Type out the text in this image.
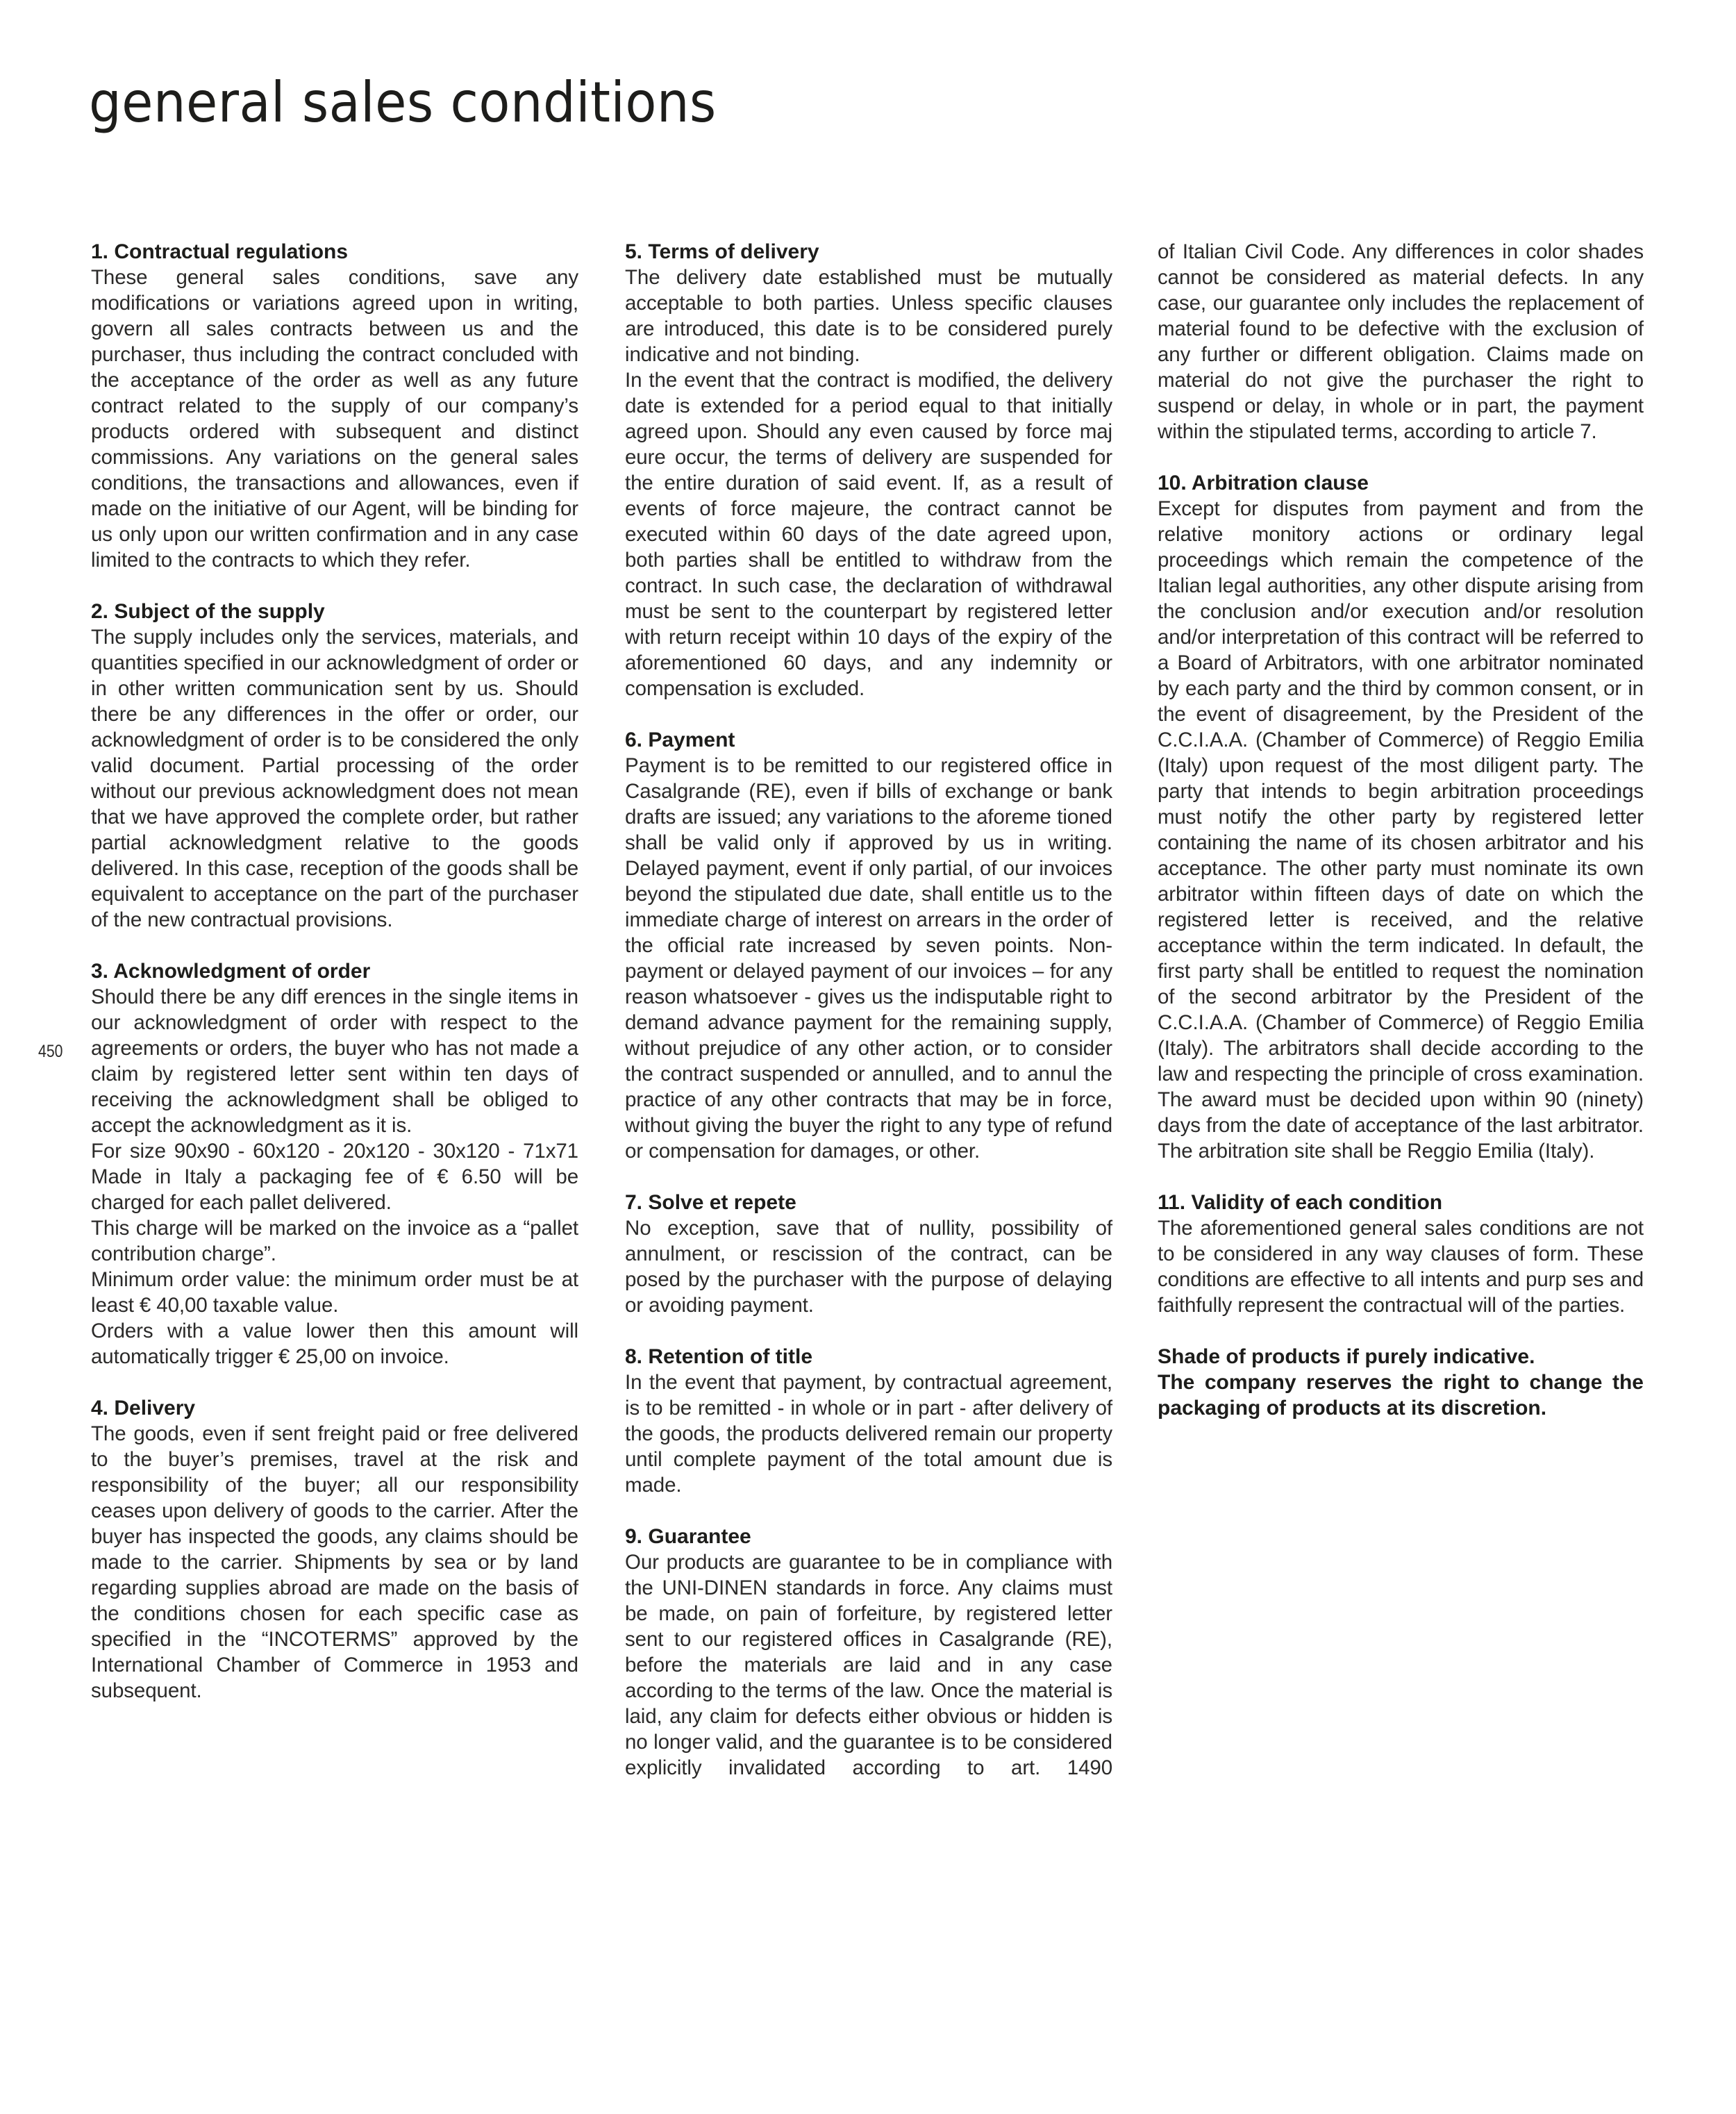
general sales conditions
450
1. Contractual regulations

These general sales conditions, save any modifications or variations agreed upon in writing, govern all sales contracts between us and the purchaser, thus including the contract concluded with the acceptance of the order as well as any future contract related to the supply of our company’s products ordered with subsequent and distinct commissions. Any variations on the general sales conditions, the transactions and allowances, even if made on the initiative of our Agent, will be binding for us only upon our written confirmation and in any case limited to the contracts to which they refer.

2. Subject of the supply

The supply includes only the services, materials, and quantities specified in our acknowledgment of order or in other written communication sent by us. Should there be any differences in the offer or order, our acknowledgment of order is to be considered the only valid document. Partial processing of the order without our previous acknowledgment does not mean that we have approved the complete order, but rather partial acknowledgment relative to the goods delivered. In this case, reception of the goods shall be equivalent to acceptance on the part of the purchaser of the new contractual provisions.

3. Acknowledgment of order

Should there be any diff erences in the single items in our acknowledgment of order with respect to the agreements or orders, the buyer who has not made a claim by registered letter sent within ten days of receiving the acknowledgment shall be obliged to accept the acknowledgment as it is.

For size 90x90 - 60x120 - 20x120 - 30x120 - 71x71 Made in Italy a packaging fee of € 6.50 will be charged for each pallet delivered.

This charge will be marked on the invoice as a “pallet contribution charge”.

Minimum order value: the minimum order must be at least € 40,00 taxable value.

Orders with a value lower then this amount will automatically trigger € 25,00 on invoice.

4. Delivery

The goods, even if sent freight paid or free delivered to the buyer’s premises, travel at the risk and responsibility of the buyer; all our responsibility ceases upon delivery of goods to the carrier. After the buyer has inspected the goods, any claims should be made to the carrier. Shipments by sea or by land regarding supplies abroad are made on the basis of the conditions chosen for each specific case as specified in the “INCOTERMS” approved by the International Chamber of Commerce in 1953 and subsequent.

5. Terms of delivery

The delivery date established must be mutually acceptable to both parties. Unless specific clauses are introduced, this date is to be considered purely indicative and not binding.

In the event that the contract is modified, the delivery date is extended for a period equal to that initially agreed upon. Should any even caused by force maj eure occur, the terms of delivery are suspended for the entire duration of said event. If, as a result of events of force majeure, the contract cannot be executed within 60 days of the date agreed upon, both parties shall be entitled to withdraw from the contract. In such case, the declaration of withdrawal must be sent to the counterpart by registered letter with return receipt within 10 days of the expiry of the aforementioned 60 days, and any indemnity or compensation is excluded.

6. Payment

Payment is to be remitted to our registered office in Casalgrande (RE), even if bills of exchange or bank drafts are issued; any variations to the aforeme tioned shall be valid only if approved by us in writing. Delayed payment, event if only partial, of our invoices beyond the stipulated due date, shall entitle us to the immediate charge of interest on arrears in the order of the official rate increased by seven points. Non-payment or delayed payment of our invoices – for any reason whatsoever - gives us the indisputable right to demand advance payment for the remaining supply, without prejudice of any other action, or to consider the contract suspended or annulled, and to annul the practice of any other contracts that may be in force, without giving the buyer the right to any type of refund or compensation for damages, or other.

7. Solve et repete

No exception, save that of nullity, possibility of annulment, or rescission of the contract, can be posed by the purchaser with the purpose of delaying or avoiding payment.

8. Retention of title

In the event that payment, by contractual agreement, is to be remitted - in whole or in part - after delivery of the goods, the products delivered remain our property until complete payment of the total amount due is made.

9. Guarantee

Our products are guarantee to be in compliance with the UNI-DINEN standards in force. Any claims must be made, on pain of forfeiture, by registered letter sent to our registered offices in Casalgrande (RE), before the materials are laid and in any case according to the terms of the law. Once the material is laid, any claim for defects either obvious or hidden is no longer valid, and the guarantee is to be considered explicitly invalidated according to art. 1490

of Italian Civil Code. Any differences in color shades cannot be considered as material defects. In any case, our guarantee only includes the replacement of material found to be defective with the exclusion of any further or different obligation. Claims made on material do not give the purchaser the right to suspend or delay, in whole or in part, the payment within the stipulated terms, according to article 7.

10. Arbitration clause

Except for disputes from payment and from the relative monitory actions or ordinary legal proceedings which remain the competence of the Italian legal authorities, any other dispute arising from the conclusion and/or execution and/or resolution and/or interpretation of this contract will be referred to a Board of Arbitrators, with one arbitrator nominated by each party and the third by common consent, or in the event of disagreement, by the President of the C.C.I.A.A. (Chamber of Commerce) of Reggio Emilia (Italy) upon request of the most diligent party. The party that intends to begin arbitration proceedings must notify the other party by registered letter containing the name of its chosen arbitrator and his acceptance. The other party must nominate its own arbitrator within fifteen days of date on which the registered letter is received, and the relative acceptance within the term indicated. In default, the first party shall be entitled to request the nomination of the second arbitrator by the President of the C.C.I.A.A. (Chamber of Commerce) of Reggio Emilia (Italy). The arbitrators shall decide according to the law and respecting the principle of cross examination. The award must be decided upon within 90 (ninety) days from the date of acceptance of the last arbitrator. The arbitration site shall be Reggio Emilia (Italy).

11. Validity of each condition

The aforementioned general sales conditions are not to be considered in any way clauses of form. These conditions are effective to all intents and purp ses and faithfully represent the contractual will of the parties.

Shade of products if purely indicative.

The company reserves the right to change the packaging of products at its discretion.
